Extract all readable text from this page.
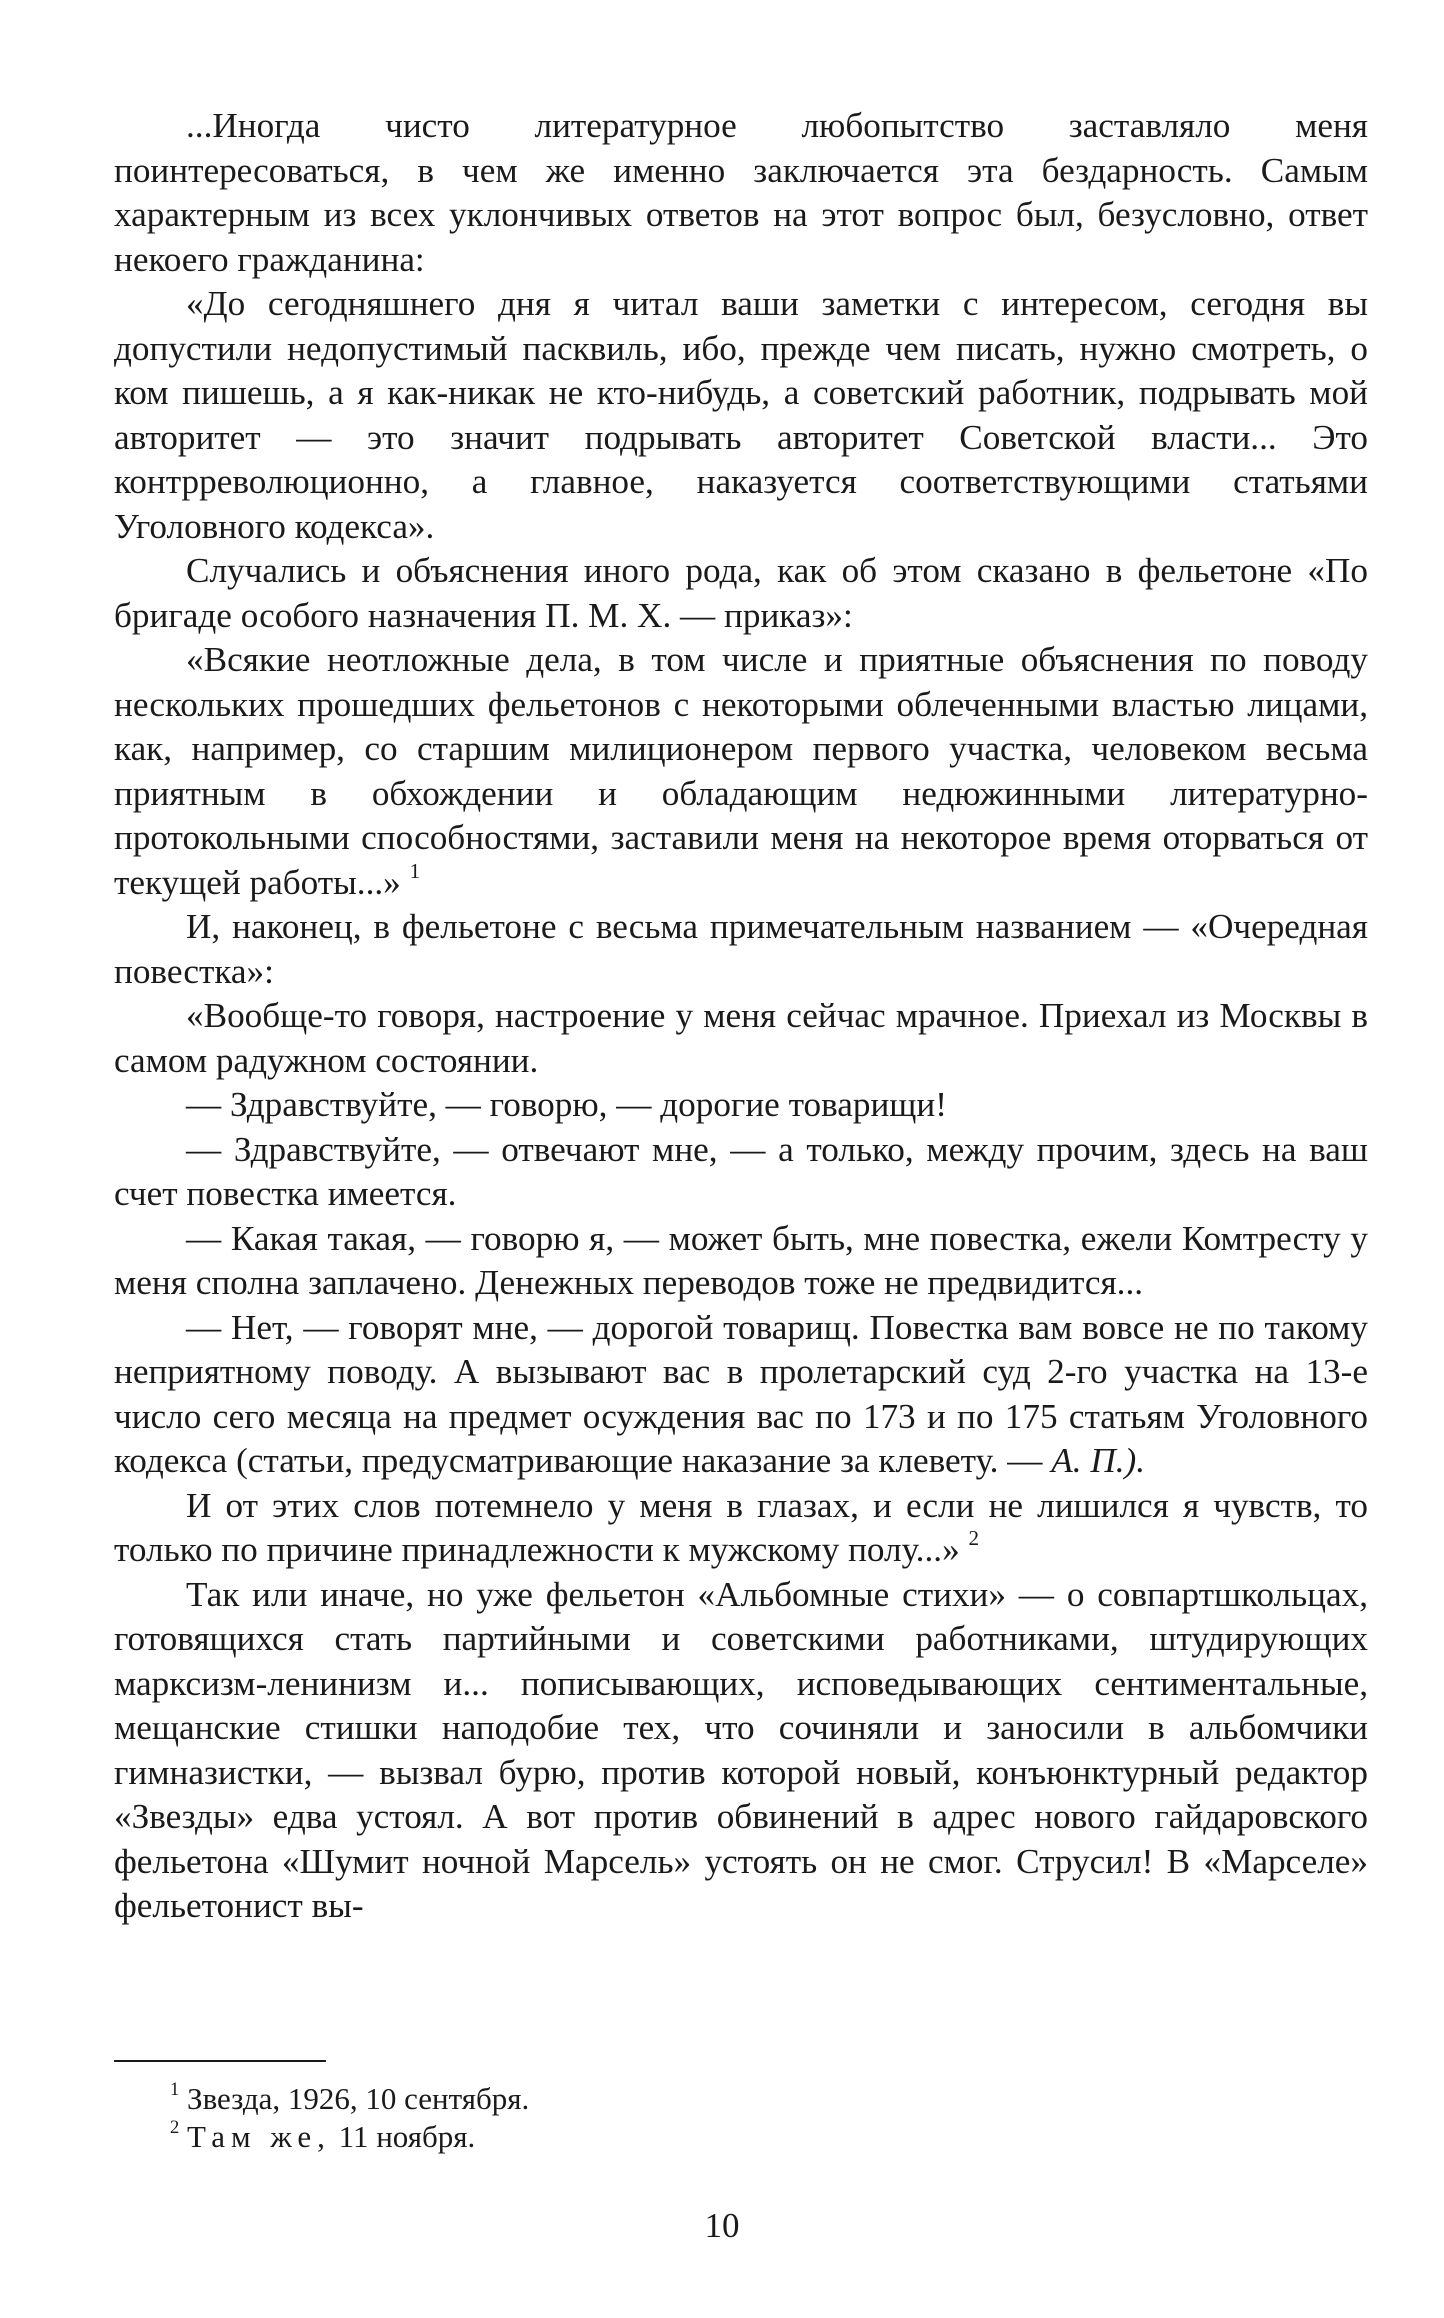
...Иногда чисто литературное любопытство заставляло меня поинтересоваться, в чем же именно заключается эта бездарность. Самым характерным из всех уклончивых ответов на этот вопрос был, безусловно, ответ некоего гражданина:

«До сегодняшнего дня я читал ваши заметки с интересом, сегодня вы допустили недопустимый пасквиль, ибо, прежде чем писать, нужно смотреть, о ком пишешь, а я как-никак не кто-нибудь, а советский работник, подрывать мой авторитет — это значит подрывать авторитет Советской власти... Это контрреволюционно, а главное, наказуется соответствующими статьями Уголовного кодекса».

Случались и объяснения иного рода, как об этом сказано в фельетоне «По бригаде особого назначения П. М. X. — приказ»:

«Всякие неотложные дела, в том числе и приятные объяснения по поводу нескольких прошедших фельетонов с некоторыми облеченными властью лицами, как, например, со старшим милиционером первого участка, человеком весьма приятным в обхождении и обладающим недюжинными литературно-протокольными способностями, заставили меня на некоторое время оторваться от текущей работы...» $^1$

И, наконец, в фельетоне с весьма примечательным названием — «Очередная повестка»:

«Вообще-то говоря, настроение у меня сейчас мрачное. Приехал из Москвы в самом радужном состоянии.

— Здравствуйте, — говорю, — дорогие товарищи!

— Здравствуйте, — отвечают мне, — а только, между прочим, здесь на ваш счет повестка имеется.

— Какая такая, — говорю я, — может быть, мне повестка, ежели Комтресту у меня сполна заплачено. Денежных переводов тоже не предвидится...

— Нет, — говорят мне, — дорогой товарищ. Повестка вам вовсе не по такому неприятному поводу. А вызывают вас в пролетарский суд 2-го участка на 13-е число сего месяца на предмет осуждения вас по 173 и по 175 статьям Уголовного кодекса (статьи, предусматривающие наказание за клевету. — А. П.).

И от этих слов потемнело у меня в глазах, и если не лишился я чувств, то только по причине принадлежности к мужскому полу...» $^2$

Так или иначе, но уже фельетон «Альбомные стихи» — о совпартшкольцах, готовящихся стать партийными и советскими работниками, штудирующих марксизм-ленинизм и... пописывающих, исповедывающих сентиментальные, мещанские стишки наподобие тех, что сочиняли и заносили в альбомчики гимназистки, — вызвал бурю, против которой новый, конъюнктурный редактор «Звезды» едва устоял. А вот против обвинений в адрес нового гайдаровского фельетона «Шумит ночной Марсель» устоять он не смог. Струсил! В «Марселе» фельетонист вы-

$^1$ Звезда, 1926, 10 сентября.

$^2$ Там же, 11 ноября.

10
